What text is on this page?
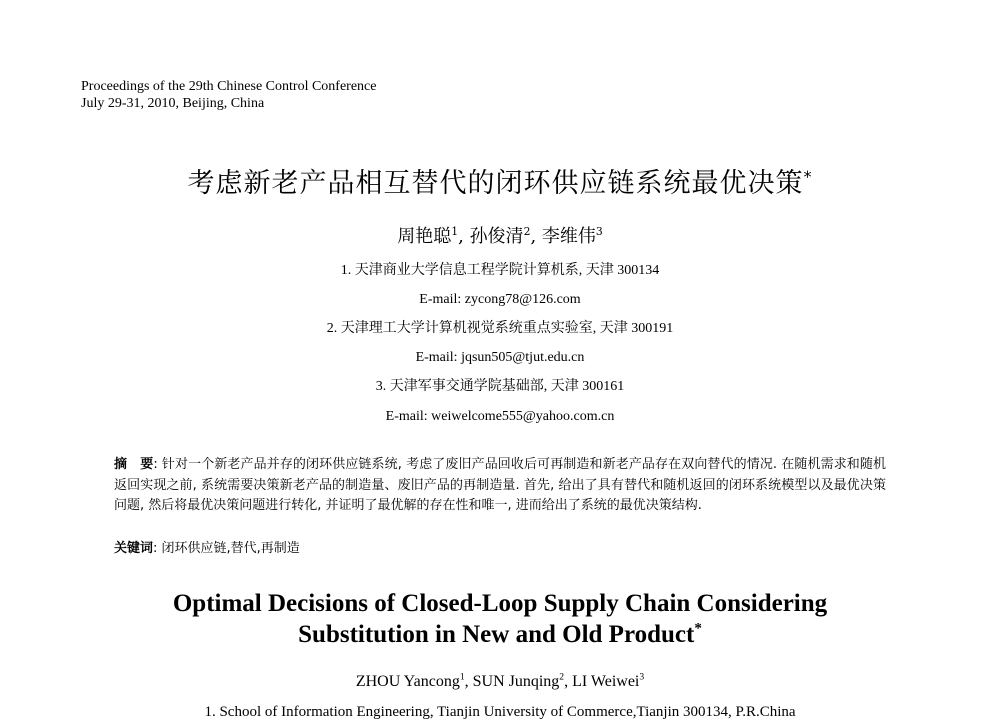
Proceedings of the 29th Chinese Control Conference
July 29-31, 2010, Beijing, China
考虑新老产品相互替代的闭环供应链系统最优决策*
周艳聪$^1$, 孙俊清$^2$, 李维伟$^3$
1. 天津商业大学信息工程学院计算机系, 天津 300134
E-mail: zycong78@126.com
2. 天津理工大学计算机视觉系统重点实验室, 天津 300191
E-mail: jqsun505@tjut.edu.cn
3. 天津军事交通学院基础部, 天津 300161
E-mail: weiwelcome555@yahoo.com.cn
摘　要: 针对一个新老产品并存的闭环供应链系统, 考虑了废旧产品回收后可再制造和新老产品存在双向替代的情况. 在随机需求和随机返回实现之前, 系统需要决策新老产品的制造量、废旧产品的再制造量. 首先, 给出了具有替代和随机返回的闭环系统模型以及最优决策问题, 然后将最优决策问题进行转化, 并证明了最优解的存在性和唯一, 进而给出了系统的最优决策结构.
关键词: 闭环供应链,替代,再制造
Optimal Decisions of Closed-Loop Supply Chain Considering
Substitution in New and Old Product*
ZHOU Yancong$^1$, SUN Junqing$^2$, LI Weiwei$^3$
1. School of Information Engineering, Tianjin University of Commerce,Tianjin 300134, P.R.China
